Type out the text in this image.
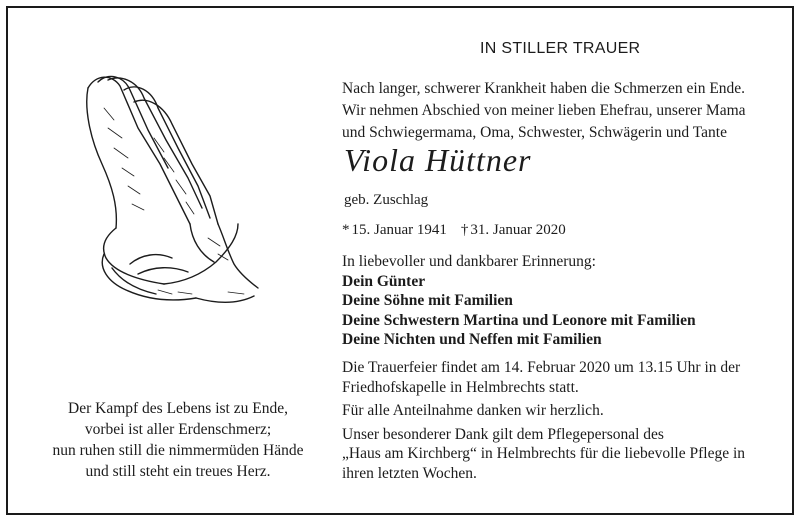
IN STILLER TRAUER
Nach langer, schwerer Krankheit haben die Schmerzen ein Ende.
Wir nehmen Abschied von meiner lieben Ehefrau, unserer Mama
und Schwiegermama, Oma, Schwester, Schwägerin und Tante
Viola Hüttner
geb. Zuschlag
* 15. Januar 1941 † 31. Januar 2020
In liebevoller und dankbarer Erinnerung:
Dein Günter
Deine Söhne mit Familien
Deine Schwestern Martina und Leonore mit Familien
Deine Nichten und Neffen mit Familien
Die Trauerfeier findet am 14. Februar 2020 um 13.15 Uhr in der
Friedhofskapelle in Helmbrechts statt.
Für alle Anteilnahme danken wir herzlich.
Unser besonderer Dank gilt dem Pflegepersonal des
„Haus am Kirchberg“ in Helmbrechts für die liebevolle Pflege in
ihren letzten Wochen.
Der Kampf des Lebens ist zu Ende,
vorbei ist aller Erdenschmerz;
nun ruhen still die nimmermüden Hände
und still steht ein treues Herz.
